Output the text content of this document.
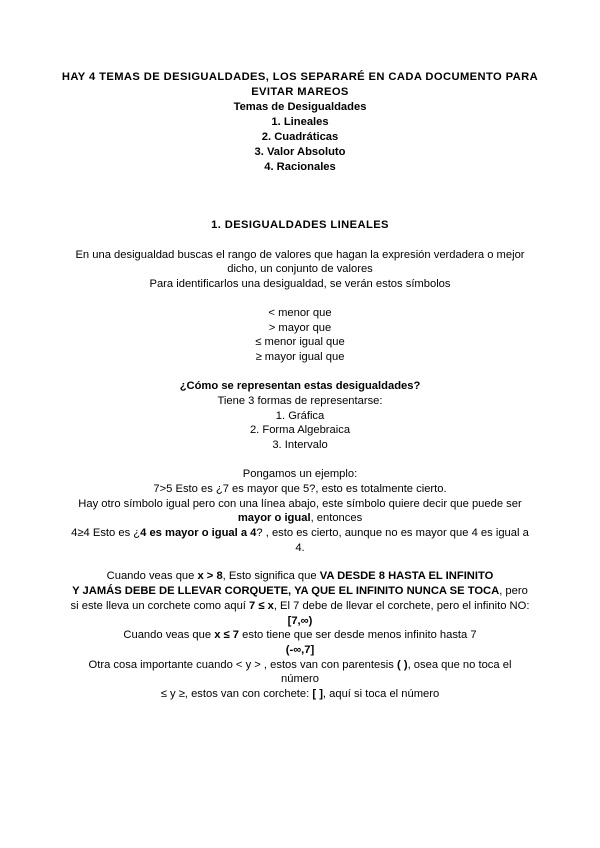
HAY 4 TEMAS DE DESIGUALDADES, LOS SEPARARÉ EN CADA DOCUMENTO PARA
EVITAR MAREOS
Temas de Desigualdades
1. Lineales
2. Cuadráticas
3. Valor Absoluto
4. Racionales
1. DESIGUALDADES LINEALES
En una desigualdad buscas el rango de valores que hagan la expresión verdadera o mejor
dicho, un conjunto de valores
Para identificarlos una desigualdad, se verán estos símbolos
< menor que
> mayor que
≤ menor igual que
≥ mayor igual que
¿Cómo se representan estas desigualdades?
Tiene 3 formas de representarse:
1. Gráfica
2. Forma Algebraica
3. Intervalo
Pongamos un ejemplo:
7>5 Esto es ¿7 es mayor que 5?, esto es totalmente cierto.
Hay otro símbolo igual pero con una línea abajo, este símbolo quiere decir que puede ser
mayor o igual, entonces
4≥4 Esto es ¿4 es mayor o igual a 4? , esto es cierto, aunque no es mayor que 4 es igual a
4.
Cuando veas que x > 8, Esto significa que VA DESDE 8 HASTA EL INFINITO
Y JAMÁS DEBE DE LLEVAR CORQUETE, YA QUE EL INFINITO NUNCA SE TOCA, pero
si este lleva un corchete como aquí 7 ≤ x, El 7 debe de llevar el corchete, pero el infinito NO:
[7,∞)
Cuando veas que x ≤ 7 esto tiene que ser desde menos infinito hasta 7
(-∞,7]
Otra cosa importante cuando < y > , estos van con parentesis ( ), osea que no toca el
número
≤ y ≥, estos van con corchete: [ ], aquí si toca el número
